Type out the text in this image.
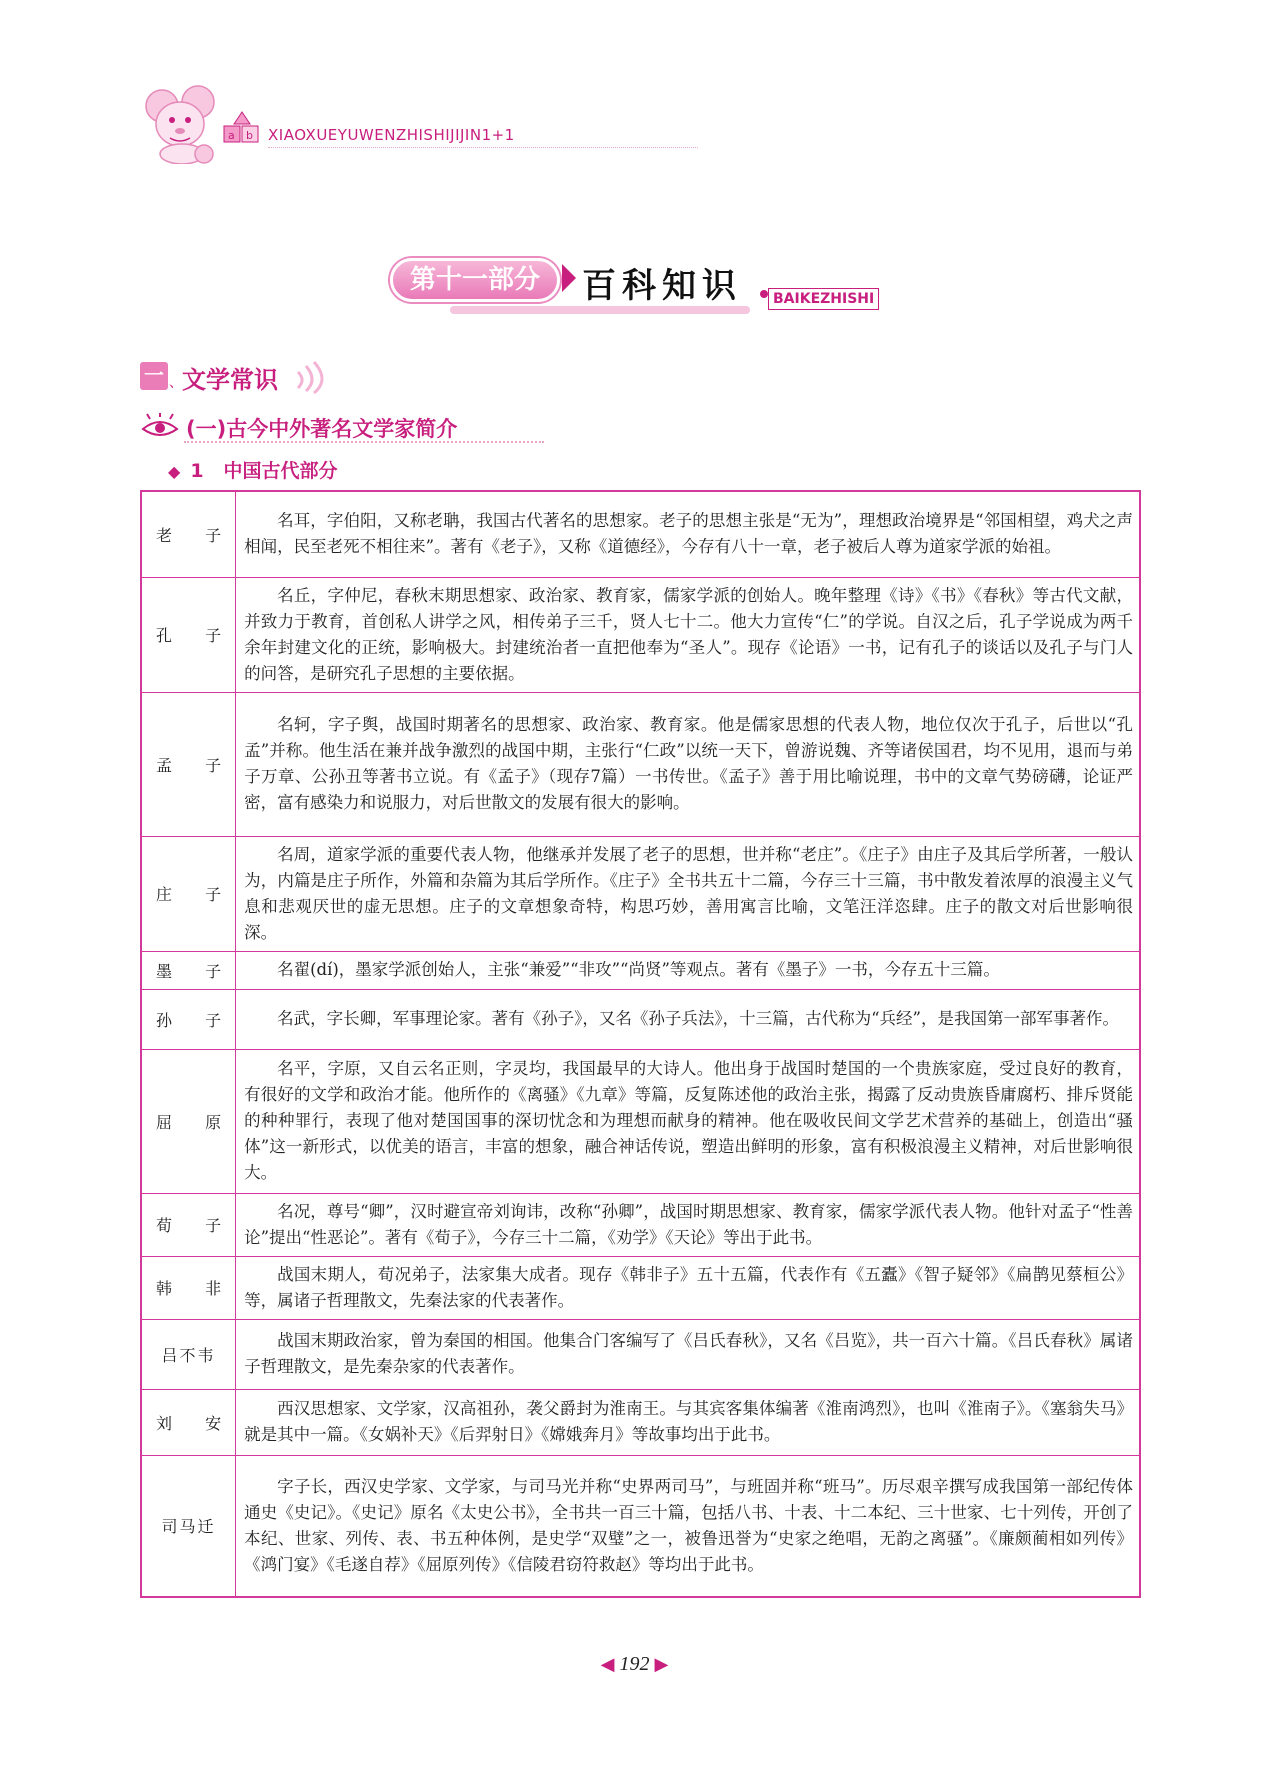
a b XIAOXUEYUWENZHISHIJIJIN1+1
第十一部分	百科知识	BAIKEZHISHI
一 、 文学常识
(一)古今中外著名文学家简介
◆ 1 中国古代部分
老 子	名耳，字伯阳，又称老聃，我国古代著名的思想家。老子的思想主张是“无为”，理想政治境界是“邻国相望，鸡犬之声相闻，民至老死不相往来”。著有《老子》，又称《道德经》，今存有八十一章，老子被后人尊为道家学派的始祖。
孔 子	名丘，字仲尼，春秋末期思想家、政治家、教育家，儒家学派的创始人。晚年整理《诗》《书》《春秋》等古代文献，并致力于教育，首创私人讲学之风，相传弟子三千，贤人七十二。他大力宣传“仁”的学说。自汉之后，孔子学说成为两千余年封建文化的正统，影响极大。封建统治者一直把他奉为“圣人”。现存《论语》一书，记有孔子的谈话以及孔子与门人的问答，是研究孔子思想的主要依据。
孟 子	名轲，字子舆，战国时期著名的思想家、政治家、教育家。他是儒家思想的代表人物，地位仅次于孔子，后世以“孔孟”并称。他生活在兼并战争激烈的战国中期，主张行“仁政”以统一天下，曾游说魏、齐等诸侯国君，均不见用，退而与弟子万章、公孙丑等著书立说。有《孟子》（现存7篇）一书传世。《孟子》善于用比喻说理，书中的文章气势磅礴，论证严密，富有感染力和说服力，对后世散文的发展有很大的影响。
庄 子	名周，道家学派的重要代表人物，他继承并发展了老子的思想，世并称“老庄”。《庄子》由庄子及其后学所著，一般认为，内篇是庄子所作，外篇和杂篇为其后学所作。《庄子》全书共五十二篇，今存三十三篇，书中散发着浓厚的浪漫主义气息和悲观厌世的虚无思想。庄子的文章想象奇特，构思巧妙，善用寓言比喻，文笔汪洋恣肆。庄子的散文对后世影响很深。
墨 子	名翟(dí)，墨家学派创始人，主张“兼爱”“非攻”“尚贤”等观点。著有《墨子》一书，今存五十三篇。
孙 子	名武，字长卿，军事理论家。著有《孙子》，又名《孙子兵法》，十三篇，古代称为“兵经”，是我国第一部军事著作。
屈 原	名平，字原，又自云名正则，字灵均，我国最早的大诗人。他出身于战国时楚国的一个贵族家庭，受过良好的教育，有很好的文学和政治才能。他所作的《离骚》《九章》等篇，反复陈述他的政治主张，揭露了反动贵族昏庸腐朽、排斥贤能的种种罪行，表现了他对楚国国事的深切忧念和为理想而献身的精神。他在吸收民间文学艺术营养的基础上，创造出“骚体”这一新形式，以优美的语言，丰富的想象，融合神话传说，塑造出鲜明的形象，富有积极浪漫主义精神，对后世影响很大。
荀 子	名况，尊号“卿”，汉时避宣帝刘询讳，改称“孙卿”，战国时期思想家、教育家，儒家学派代表人物。他针对孟子“性善论”提出“性恶论”。著有《荀子》，今存三十二篇，《劝学》《天论》等出于此书。
韩 非	战国末期人，荀况弟子，法家集大成者。现存《韩非子》五十五篇，代表作有《五蠹》《智子疑邻》《扁鹊见蔡桓公》等，属诸子哲理散文，先秦法家的代表著作。
吕不韦	战国末期政治家，曾为秦国的相国。他集合门客编写了《吕氏春秋》，又名《吕览》，共一百六十篇。《吕氏春秋》属诸子哲理散文，是先秦杂家的代表著作。
刘 安	西汉思想家、文学家，汉高祖孙，袭父爵封为淮南王。与其宾客集体编著《淮南鸿烈》，也叫《淮南子》。《塞翁失马》就是其中一篇。《女娲补天》《后羿射日》《嫦娥奔月》等故事均出于此书。
司马迁	字子长，西汉史学家、文学家，与司马光并称“史界两司马”，与班固并称“班马”。历尽艰辛撰写成我国第一部纪传体通史《史记》。《史记》原名《太史公书》，全书共一百三十篇，包括八书、十表、十二本纪、三十世家、七十列传，开创了本纪、世家、列传、表、书五种体例，是史学“双璧”之一，被鲁迅誉为“史家之绝唱，无韵之离骚”。《廉颇蔺相如列传》《鸿门宴》《毛遂自荐》《屈原列传》《信陵君窃符救赵》等均出于此书。
◀ 192 ▶
